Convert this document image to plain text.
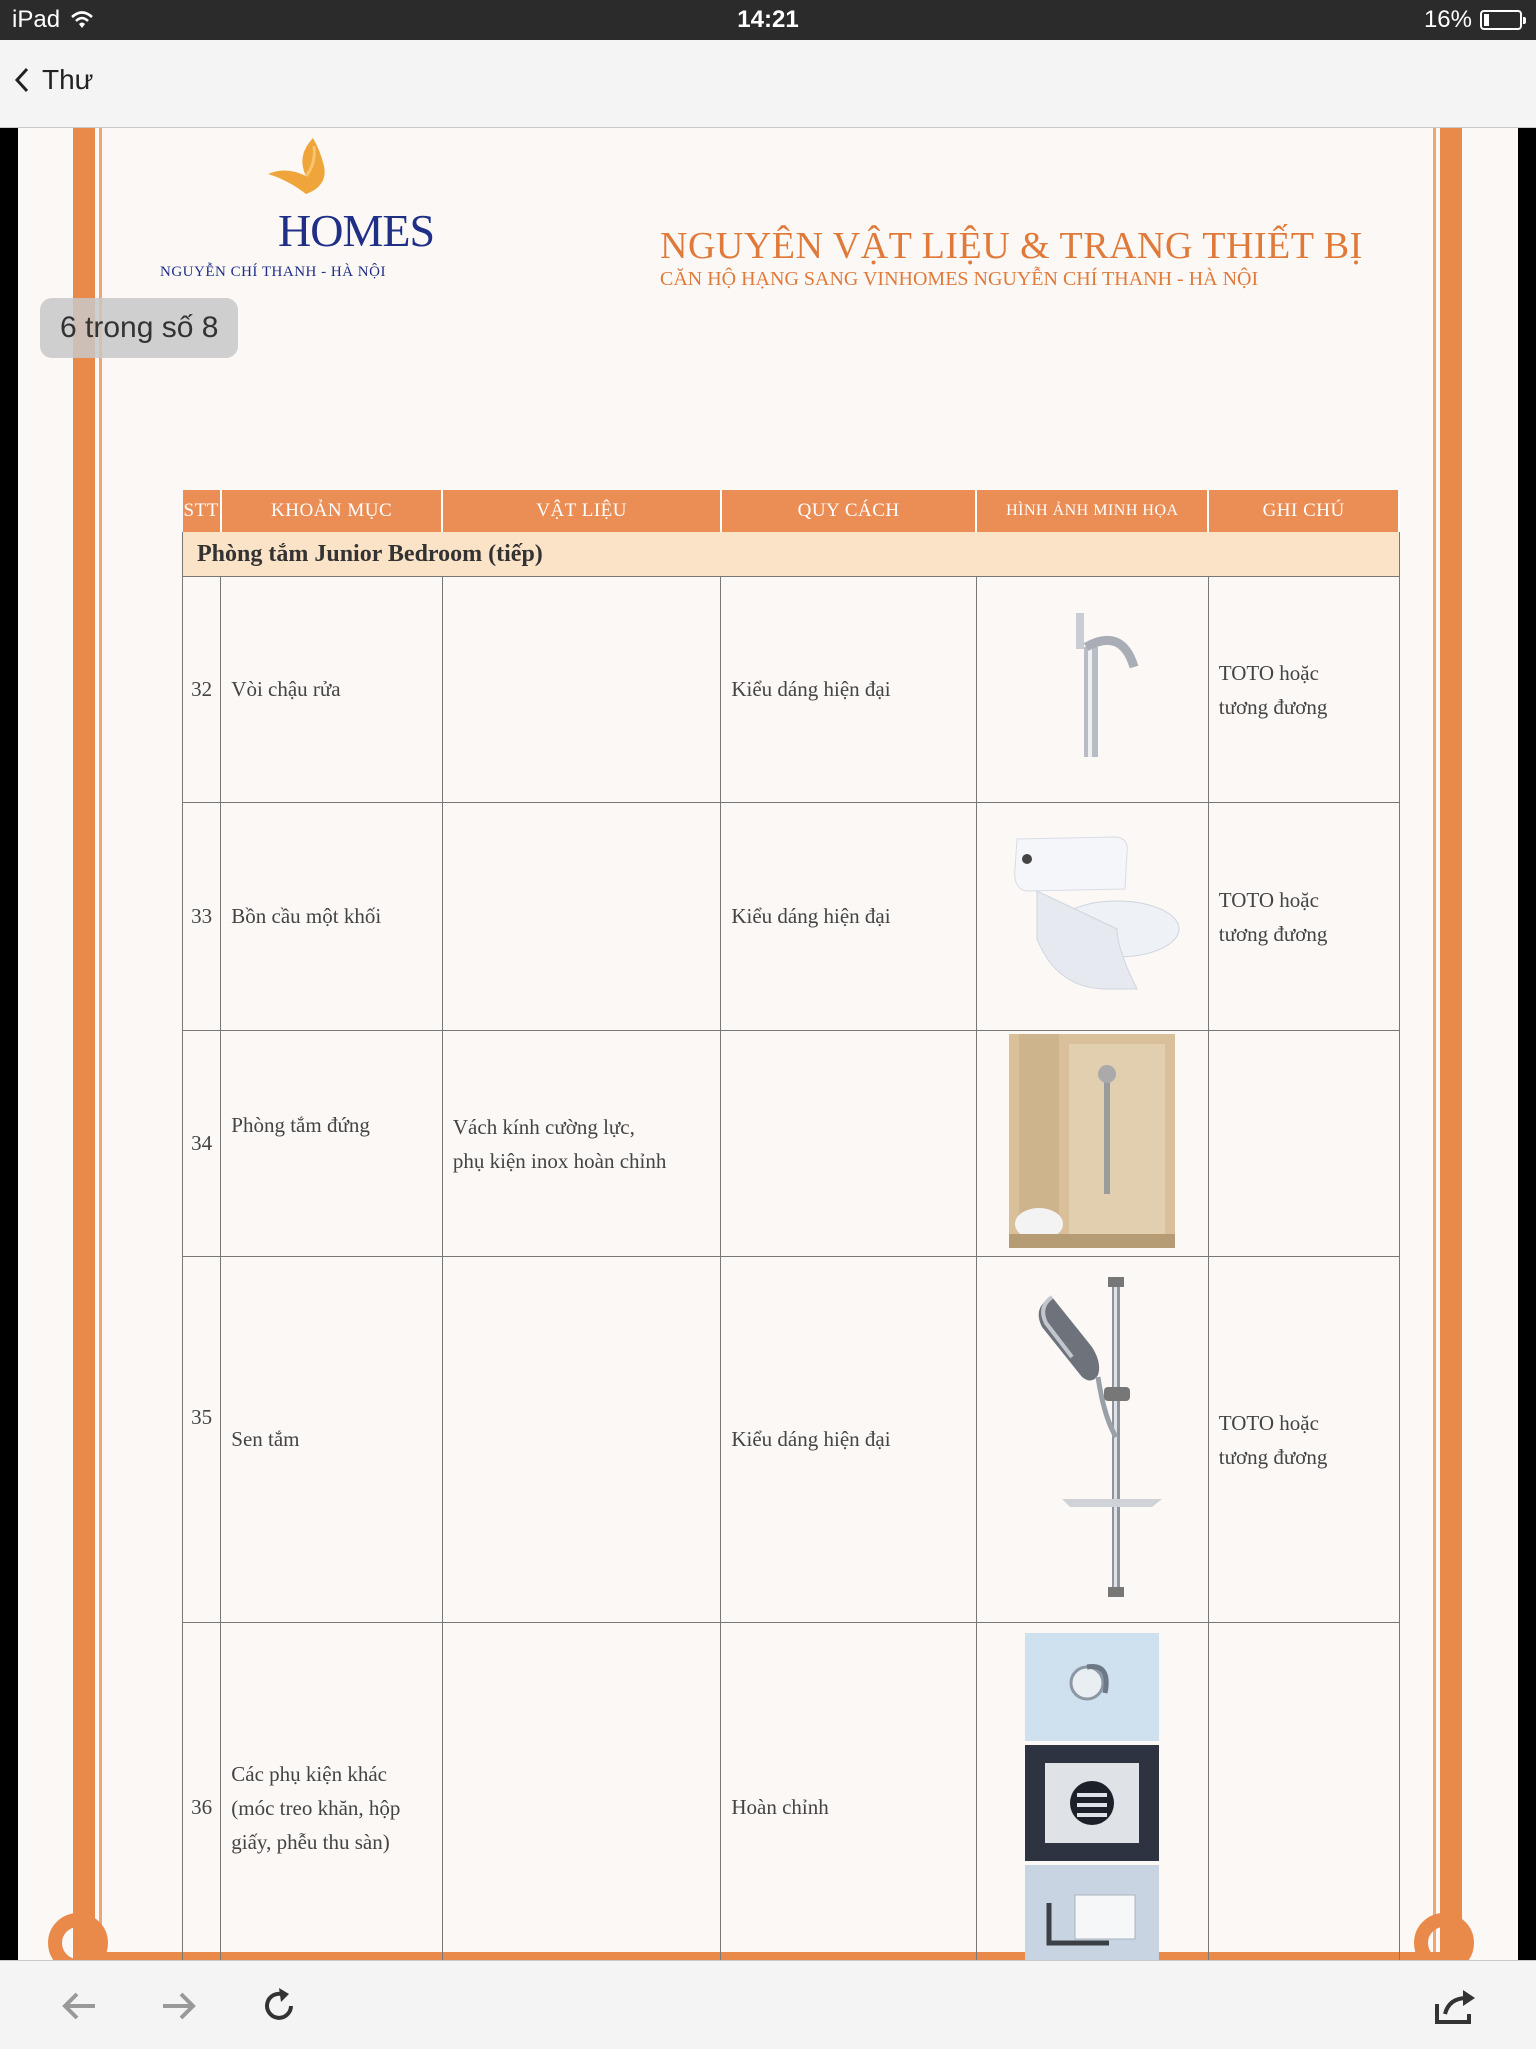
iPad	14:21	16%
Thư
HOMES
NGUYỄN CHÍ THANH - HÀ NỘI
NGUYÊN VẬT LIỆU & TRANG THIẾT BỊ
CĂN HỘ HẠNG SANG VINHOMES NGUYỄN CHÍ THANH - HÀ NỘI
STT	KHOẢN MỤC	VẬT LIỆU	QUY CÁCH	HÌNH ẢNH MINH HỌA	GHI CHÚ
Phòng tắm Junior Bedroom (tiếp)					
32	Vòi chậu rửa		Kiểu dáng hiện đại		TOTO hoặc
tương đương

33	Bồn cầu một khối		Kiểu dáng hiện đại		TOTO hoặc
tương đương

34	Phòng tắm đứng	Vách kính cường lực,
phụ kiện inox hoàn chỉnh

35	Sen tắm		Kiểu dáng hiện đại		TOTO hoặc
tương đương

36	Các phụ kiện khác
(móc treo khăn, hộp
giấy, phễu thu sàn)		Hoàn chỉnh		
6 trong số 8
